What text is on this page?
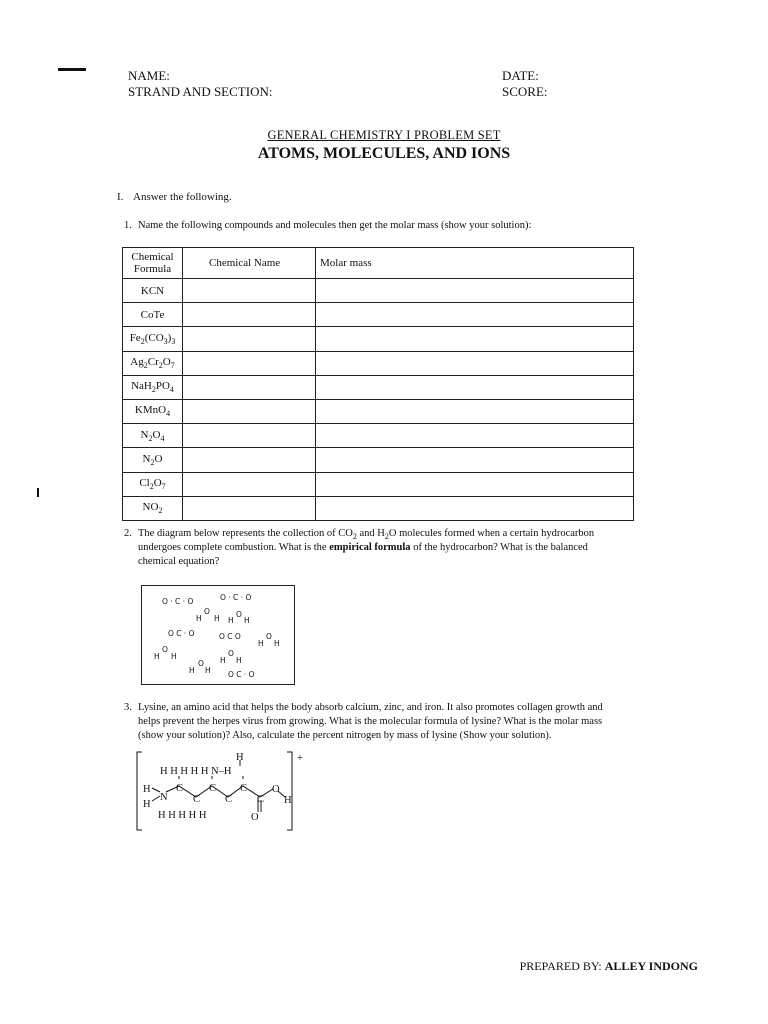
NAME:
STRAND AND SECTION:
DATE:
SCORE:
GENERAL CHEMISTRY I PROBLEM SET
ATOMS, MOLECULES, AND IONS
I. Answer the following.
1. Name the following compounds and molecules then get the molar mass (show your solution):
Chemical Formula	Chemical Name	Molar mass
KCN		
CoTe		
$Fe_2(CO_3)_3$		
$Ag_2Cr_2O_7$		
$NaH_2PO_4$		
KMnO$_4$		
$N_2O_4$		
$N_2O$		
$Cl_2O_7$		
$NO_2$		
2. The diagram below represents the collection of $CO_2$ and $H_2O$ molecules formed when a certain hydrocarbon
undergoes complete combustion. What is the empirical formula of the hydrocarbon? What is the balanced
chemical equation?
O · C · O	O · C · O
O
H H O
H H
O C · O	O C O	O
H H
O
H H	O
H H
O
H H O C · O
3. Lysine, an amino acid that helps the body absorb calcium, zinc, and iron. It also promotes collagen growth and
helps prevent the herpes virus from growing. What is the molecular formula of lysine? What is the molar mass
(show your solution)? Also, calculate the percent nitrogen by mass of lysine (Show your solution).
H
H H H H H N–H
H
H
N
C
C
C
C
C
C
O
H
H H H H H	O
+
PREPARED BY: ALLEY INDONG
